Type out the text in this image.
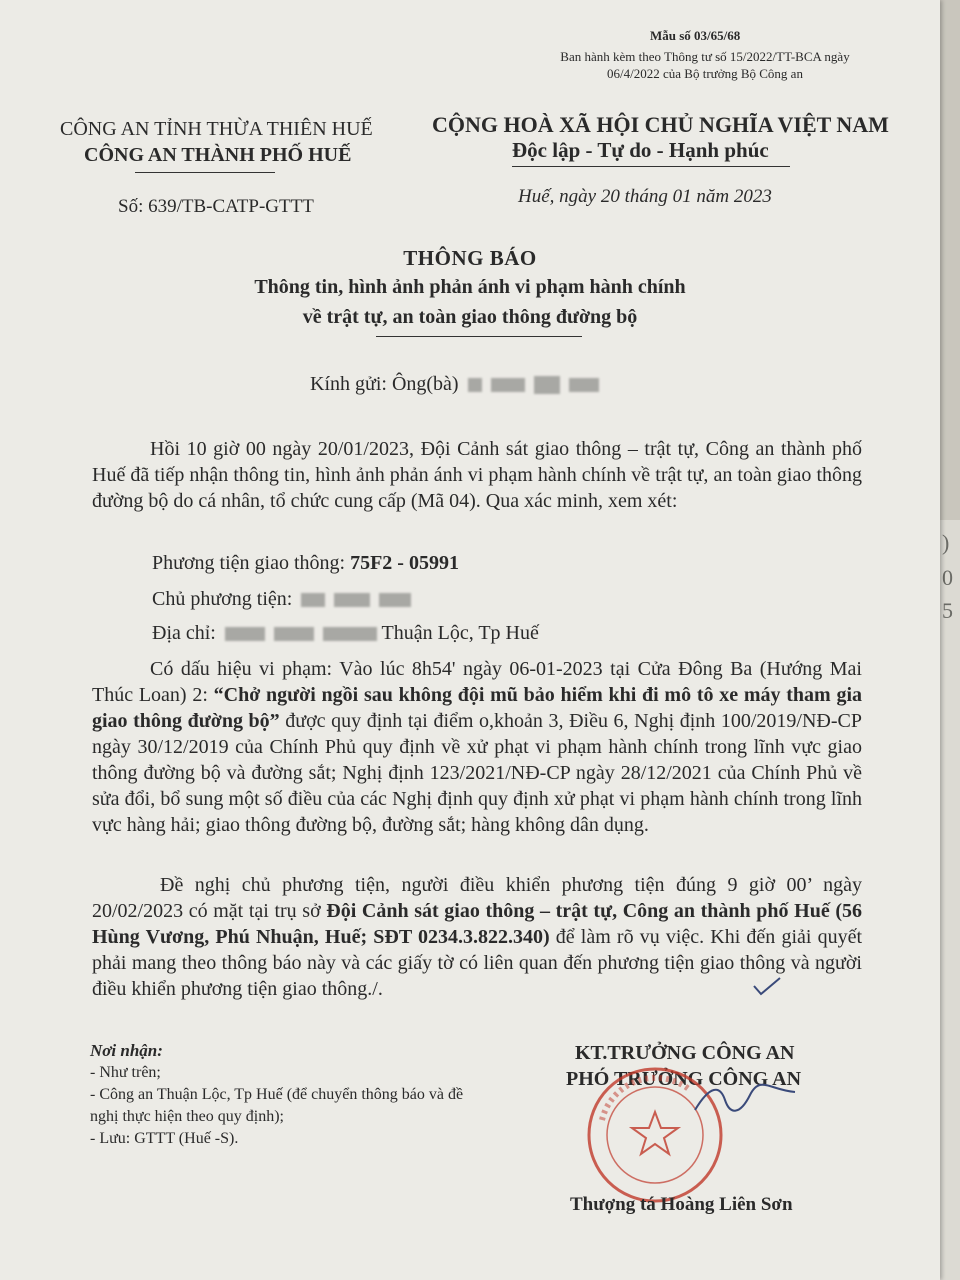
)
0
5
Mẫu số 03/65/68
Ban hành kèm theo Thông tư số 15/2022/TT-BCA ngày 06/4/2022 của Bộ trưởng Bộ Công an
CÔNG AN TỈNH THỪA THIÊN HUẾ
CÔNG AN THÀNH PHỐ HUẾ
Số: 639/TB-CATP-GTTT
CỘNG HOÀ XÃ HỘI CHỦ NGHĨA VIỆT NAM
Độc lập - Tự do - Hạnh phúc
Huế, ngày 20 tháng 01 năm 2023
THÔNG BÁO
Thông tin, hình ảnh phản ánh vi phạm hành chính
về trật tự, an toàn giao thông đường bộ
Kính gửi: Ông(bà)
Hồi 10 giờ 00 ngày 20/01/2023, Đội Cảnh sát giao thông – trật tự, Công an thành phố Huế đã tiếp nhận thông tin, hình ảnh phản ánh vi phạm hành chính về trật tự, an toàn giao thông đường bộ do cá nhân, tổ chức cung cấp (Mã 04). Qua xác minh, xem xét:
Phương tiện giao thông: 75F2 - 05991
Chủ phương tiện:
Địa chỉ:	Thuận Lộc, Tp Huế
Có dấu hiệu vi phạm: Vào lúc 8h54' ngày 06-01-2023 tại Cửa Đông Ba (Hướng Mai Thúc Loan) 2: “Chở người ngồi sau không đội mũ bảo hiểm khi đi mô tô xe máy tham gia giao thông đường bộ” được quy định tại điểm o,khoản 3, Điều 6, Nghị định 100/2019/NĐ-CP ngày 30/12/2019 của Chính Phủ quy định về xử phạt vi phạm hành chính trong lĩnh vực giao thông đường bộ và đường sắt; Nghị định 123/2021/NĐ-CP ngày 28/12/2021 của Chính Phủ về sửa đổi, bổ sung một số điều của các Nghị định quy định xử phạt vi phạm hành chính trong lĩnh vực hàng hải; giao thông đường bộ, đường sắt; hàng không dân dụng.
Đề nghị chủ phương tiện, người điều khiển phương tiện đúng 9 giờ 00’ ngày 20/02/2023 có mặt tại trụ sở Đội Cảnh sát giao thông – trật tự, Công an thành phố Huế (56 Hùng Vương, Phú Nhuận, Huế; SĐT 0234.3.822.340) để làm rõ vụ việc. Khi đến giải quyết phải mang theo thông báo này và các giấy tờ có liên quan đến phương tiện giao thông và người điều khiển phương tiện giao thông./.
Nơi nhận:
- Như trên;
- Công an Thuận Lộc, Tp Huế (để chuyển thông báo và đề nghị thực hiện theo quy định);
- Lưu: GTTT (Huế -S).
KT.TRƯỞNG CÔNG AN
PHÓ TRƯỞNG CÔNG AN
Thượng tá Hoàng Liên Sơn
